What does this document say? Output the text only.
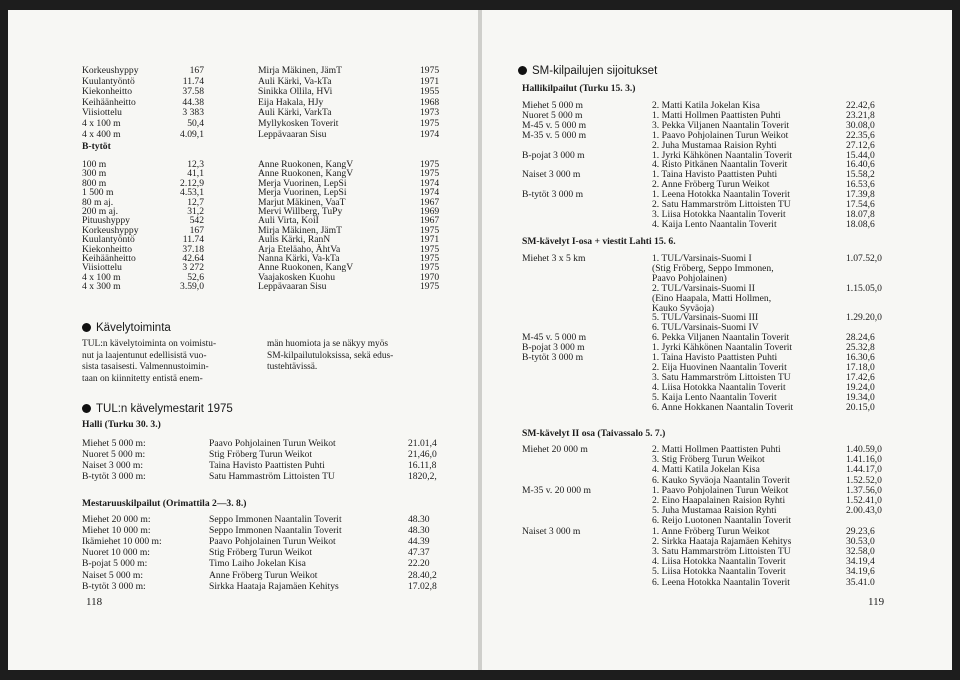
Korkeushyppy	167	Mirja Mäkinen, JämT	1975
Kuulantyöntö	11.74	Auli Kärki, Va-kTa	1971
Kiekonheitto	37.58	Sinikka Ollila, HVi	1955
Keihäänheitto	44.38	Eija Hakala, HJy	1968
Viisiottelu	3 383	Auli Kärki, VarkTa	1973
4 x 100 m	50,4	Myllykosken Toverit	1975
4 x 400 m	4.09,1	Leppävaaran Sisu	1974
B-tytöt
100 m	12,3	Anne Ruokonen, KangV	1975
300 m	41,1	Anne Ruokonen, KangV	1975
800 m	2.12,9	Merja Vuorinen, LepSi	1974
1 500 m	4.53,1	Merja Vuorinen, LepSi	1974
80 m aj.	12,7	Marjut Mäkinen, VaaT	1967
200 m aj.	31,2	Mervi Willberg, TuPy	1969
Pituushyppy	542	Auli Virta, KoiI	1967
Korkeushyppy	167	Mirja Mäkinen, JämT	1975
Kuulantyöntö	11.74	Aulis Kärki, RanN	1971
Kiekonheitto	37.18	Arja Eteläaho, ÄhtVa	1975
Keihäänheitto	42.64	Nanna Kärki, Va-kTa	1975
Viisiottelu	3 272	Anne Ruokonen, KangV	1975
4 x 100 m	52,6	Vaajakosken Kuohu	1970
4 x 300 m	3.59,0	Leppävaaran Sisu	1975
Kävelytoiminta
TUL:n kävelytoiminta on voimistu-
nut ja laajentunut edellisistä vuo-
sista tasaisesti. Valmennustoimin-
taan on kiinnitetty entistä enem-
män huomiota ja se näkyy myös
SM-kilpailutuloksissa, sekä edus-
tustehtävissä.
TUL:n kävelymestarit 1975
Halli (Turku 30. 3.)
Miehet 5 000 m:	Paavo Pohjolainen Turun Weikot	21.01,4
Nuoret 5 000 m:	Stig Fröberg Turun Weikot	21,46,0
Naiset 3 000 m:	Taina Havisto Paattisten Puhti	16.11,8
B-tytöt 3 000 m:	Satu Hammaström Littoisten TU	1820,2,
Mestaruuskilpailut (Orimattila 2—3. 8.)
Miehet 20 000 m:	Seppo Immonen Naantalin Toverit	48.30
Miehet 10 000 m:	Seppo Immonen Naantalin Toverit	48.30
Ikämiehet 10 000 m:	Paavo Pohjolainen Turun Weikot	44.39
Nuoret 10 000 m:	Stig Fröberg Turun Weikot	47.37
B-pojat 5 000 m:	Timo Laiho Jokelan Kisa	22.20
Naiset 5 000 m:	Anne Fröberg Turun Weikot	28.40,2
B-tytöt 3 000 m:	Sirkka Haataja Rajamäen Kehitys	17.02,8
118
SM-kilpailujen sijoitukset
Hallikilpailut (Turku 15. 3.)
Miehet 5 000 m	2. Matti Katila Jokelan Kisa	22.42,6
Nuoret 5 000 m	1. Matti Hollmen Paattisten Puhti	23.21,8
M-45 v. 5 000 m	3. Pekka Viljanen Naantalin Toverit	30.08,0
M-35 v. 5 000 m	1. Paavo Pohjolainen Turun Weikot	22.35,6
2. Juha Mustamaa Raision Ryhti	27.12,6
B-pojat 3 000 m	1. Jyrki Kähkönen Naantalin Toverit	15.44,0
4. Risto Pitkänen Naantalin Toverit	16.40,6
Naiset 3 000 m	1. Taina Havisto Paattisten Puhti	15.58,2
2. Anne Fröberg Turun Weikot	16.53,6
B-tytöt 3 000 m	1. Leena Hotokka Naantalin Toverit	17.39,8
2. Satu Hammarström Littoisten TU	17.54,6
3. Liisa Hotokka Naantalin Toverit	18.07,8
4. Kaija Lento Naantalin Toverit	18.08,6
SM-kävelyt I-osa + viestit Lahti 15. 6.
Miehet 3 x 5 km	1. TUL/Varsinais-Suomi I	1.07.52,0
(Stig Fröberg, Seppo Immonen,
Paavo Pohjolainen)
2. TUL/Varsinais-Suomi II	1.15.05,0
(Eino Haapala, Matti Hollmen,
Kauko Syväoja)
5. TUL/Varsinais-Suomi III	1.29.20,0
6. TUL/Varsinais-Suomi IV
M-45 v. 5 000 m	6. Pekka Viljanen Naantalin Toverit	28.24,6
B-pojat 3 000 m	1. Jyrki Kähkönen Naantalin Toverit	25.32,8
B-tytöt 3 000 m	1. Taina Havisto Paattisten Puhti	16.30,6
2. Eija Huovinen Naantalin Toverit	17.18,0
3. Satu Hammarström Littoisten TU	17.42,6
4. Liisa Hotokka Naantalin Toverit	19.24,0
5. Kaija Lento Naantalin Toverit	19.34,0
6. Anne Hokkanen Naantalin Toverit	20.15,0
SM-kävelyt II osa (Taivassalo 5. 7.)
Miehet 20 000 m	2. Matti Hollmen Paattisten Puhti	1.40.59,0
3. Stig Fröberg Turun Weikot	1.41.16,0
4. Matti Katila Jokelan Kisa	1.44.17,0
6. Kauko Syväoja Naantalin Toverit	1.52.52,0
M-35 v. 20 000 m	1. Paavo Pohjolainen Turun Weikot	1.37.56,0
2. Eino Haapalainen Raision Ryhti	1.52.41,0
5. Juha Mustamaa Raision Ryhti	2.00.43,0
6. Reijo Luotonen Naantalin Toverit
Naiset 3 000 m	1. Anne Fröberg Turun Weikot	29.23,6
2. Sirkka Haataja Rajamäen Kehitys	30.53,0
3. Satu Hammarström Littoisten TU	32.58,0
4. Liisa Hotokka Naantalin Toverit	34.19,4
5. Liisa Hotokka Naantalin Toverit	34.19,6
6. Leena Hotokka Naantalin Toverit	35.41.0
119
